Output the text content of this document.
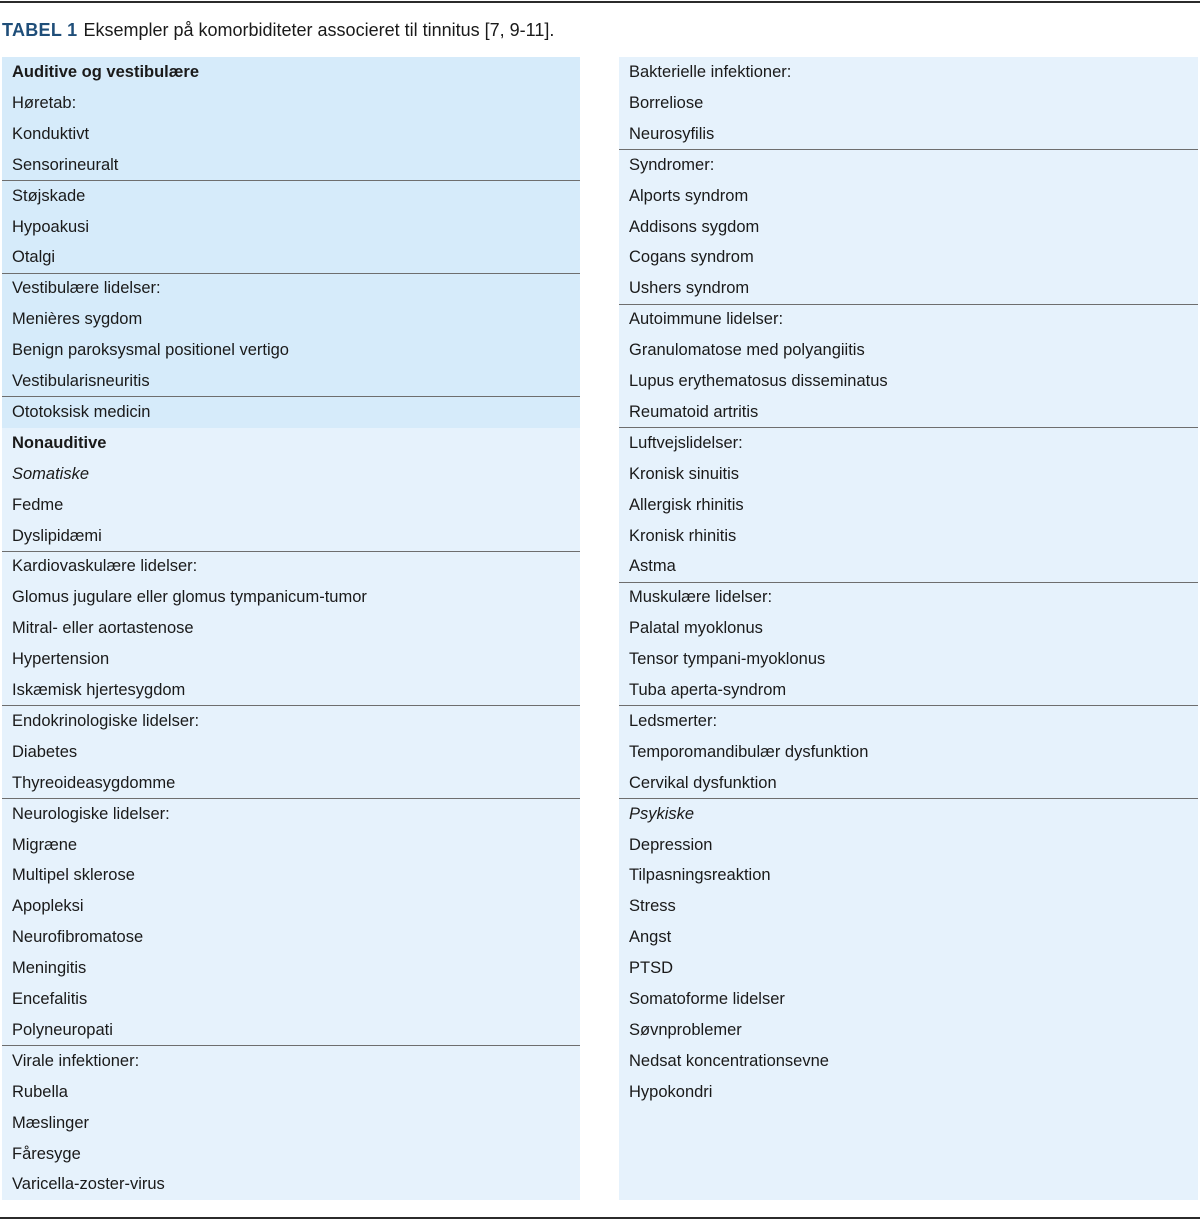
TABEL 1 Eksempler på komorbiditeter associeret til tinnitus [7, 9-11].
Auditive og vestibulære
Høretab:
Konduktivt
Sensorineuralt
Støjskade
Hypoakusi
Otalgi
Vestibulære lidelser:
Menières sygdom
Benign paroksysmal positionel vertigo
Vestibularisneuritis
Ototoksisk medicin
Nonauditive
Somatiske
Fedme
Dyslipidæmi
Kardiovaskulære lidelser:
Glomus jugulare eller glomus tympanicum-tumor
Mitral- eller aortastenose
Hypertension
Iskæmisk hjertesygdom
Endokrinologiske lidelser:
Diabetes
Thyreoideasygdomme
Neurologiske lidelser:
Migræne
Multipel sklerose
Apopleksi
Neurofibromatose
Meningitis
Encefalitis
Polyneuropati
Virale infektioner:
Rubella
Mæslinger
Fåresyge
Varicella-zoster-virus
Bakterielle infektioner:
Borreliose
Neurosyfilis
Syndromer:
Alports syndrom
Addisons sygdom
Cogans syndrom
Ushers syndrom
Autoimmune lidelser:
Granulomatose med polyangiitis
Lupus erythematosus disseminatus
Reumatoid artritis
Luftvejslidelser:
Kronisk sinuitis
Allergisk rhinitis
Kronisk rhinitis
Astma
Muskulære lidelser:
Palatal myoklonus
Tensor tympani-myoklonus
Tuba aperta-syndrom
Ledsmerter:
Temporomandibulær dysfunktion
Cervikal dysfunktion
Psykiske
Depression
Tilpasningsreaktion
Stress
Angst
PTSD
Somatoforme lidelser
Søvnproblemer
Nedsat koncentrationsevne
Hypokondri
